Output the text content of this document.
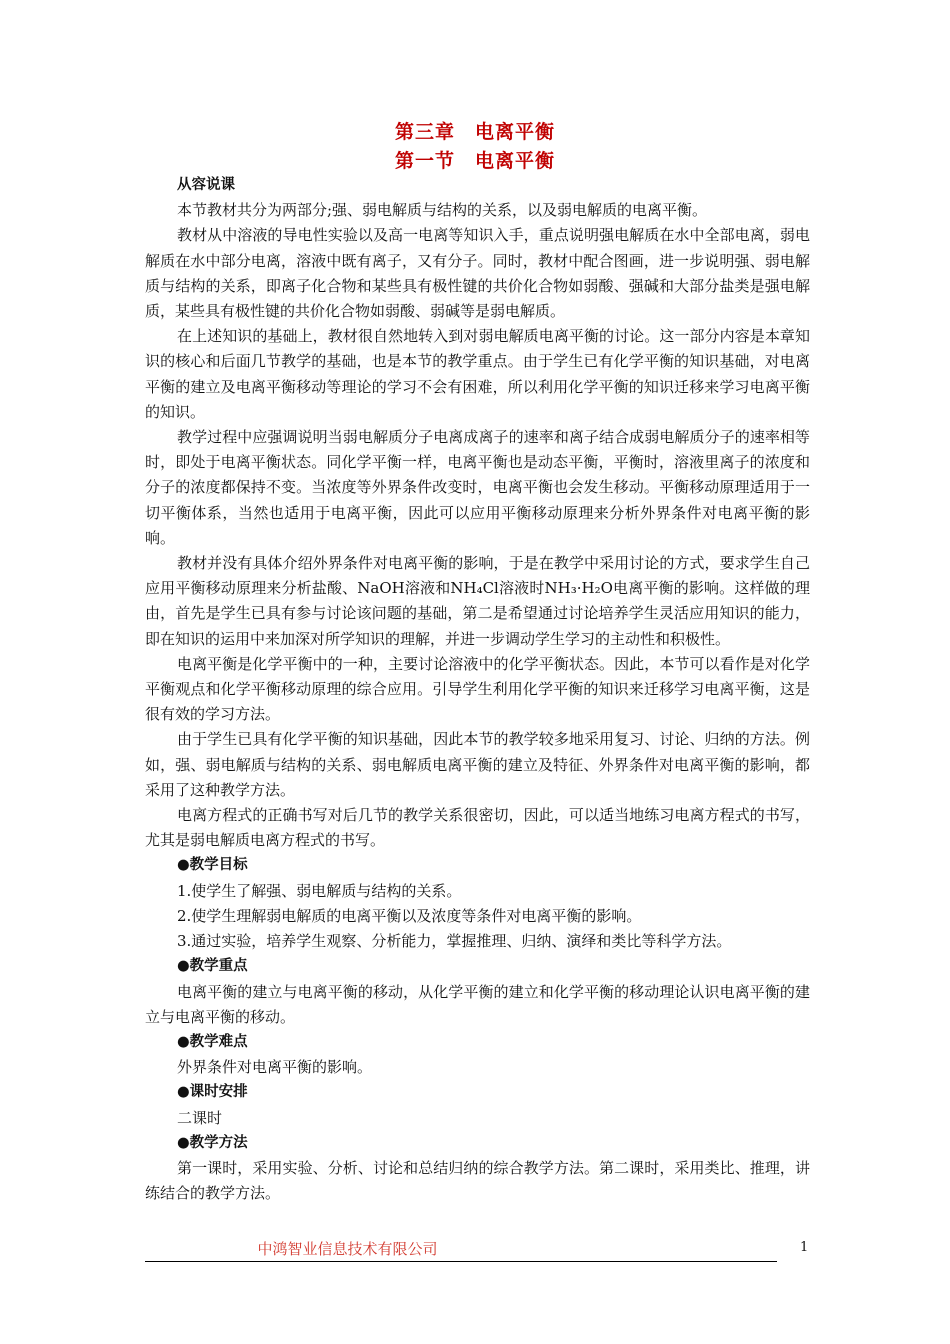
第三章　电离平衡
第一节　电离平衡
从容说课
本节教材共分为两部分;强、弱电解质与结构的关系，以及弱电解质的电离平衡。
教材从中溶液的导电性实验以及高一电离等知识入手，重点说明强电解质在水中全部电离，弱电解质在水中部分电离，溶液中既有离子，又有分子。同时，教材中配合图画，进一步说明强、弱电解质与结构的关系，即离子化合物和某些具有极性键的共价化合物如弱酸、强碱和大部分盐类是强电解质，某些具有极性键的共价化合物如弱酸、弱碱等是弱电解质。
在上述知识的基础上，教材很自然地转入到对弱电解质电离平衡的讨论。这一部分内容是本章知识的核心和后面几节教学的基础，也是本节的教学重点。由于学生已有化学平衡的知识基础，对电离平衡的建立及电离平衡移动等理论的学习不会有困难，所以利用化学平衡的知识迁移来学习电离平衡的知识。
教学过程中应强调说明当弱电解质分子电离成离子的速率和离子结合成弱电解质分子的速率相等时，即处于电离平衡状态。同化学平衡一样，电离平衡也是动态平衡，平衡时，溶液里离子的浓度和分子的浓度都保持不变。当浓度等外界条件改变时，电离平衡也会发生移动。平衡移动原理适用于一切平衡体系，当然也适用于电离平衡，因此可以应用平衡移动原理来分析外界条件对电离平衡的影响。
教材并没有具体介绍外界条件对电离平衡的影响，于是在教学中采用讨论的方式，要求学生自己应用平衡移动原理来分析盐酸、NaOH溶液和NH₄Cl溶液时NH₃·H₂O电离平衡的影响。这样做的理由，首先是学生已具有参与讨论该问题的基础，第二是希望通过讨论培养学生灵活应用知识的能力，即在知识的运用中来加深对所学知识的理解，并进一步调动学生学习的主动性和积极性。
电离平衡是化学平衡中的一种，主要讨论溶液中的化学平衡状态。因此，本节可以看作是对化学平衡观点和化学平衡移动原理的综合应用。引导学生利用化学平衡的知识来迁移学习电离平衡，这是很有效的学习方法。
由于学生已具有化学平衡的知识基础，因此本节的教学较多地采用复习、讨论、归纳的方法。例如，强、弱电解质与结构的关系、弱电解质电离平衡的建立及特征、外界条件对电离平衡的影响，都采用了这种教学方法。
电离方程式的正确书写对后几节的教学关系很密切，因此，可以适当地练习电离方程式的书写，尤其是弱电解质电离方程式的书写。
●教学目标
1.使学生了解强、弱电解质与结构的关系。
2.使学生理解弱电解质的电离平衡以及浓度等条件对电离平衡的影响。
3.通过实验，培养学生观察、分析能力，掌握推理、归纳、演绎和类比等科学方法。
●教学重点
电离平衡的建立与电离平衡的移动，从化学平衡的建立和化学平衡的移动理论认识电离平衡的建立与电离平衡的移动。
●教学难点
外界条件对电离平衡的影响。
●课时安排
二课时
●教学方法
第一课时，采用实验、分析、讨论和总结归纳的综合教学方法。第二课时，采用类比、推理，讲练结合的教学方法。
中鸿智业信息技术有限公司	1
